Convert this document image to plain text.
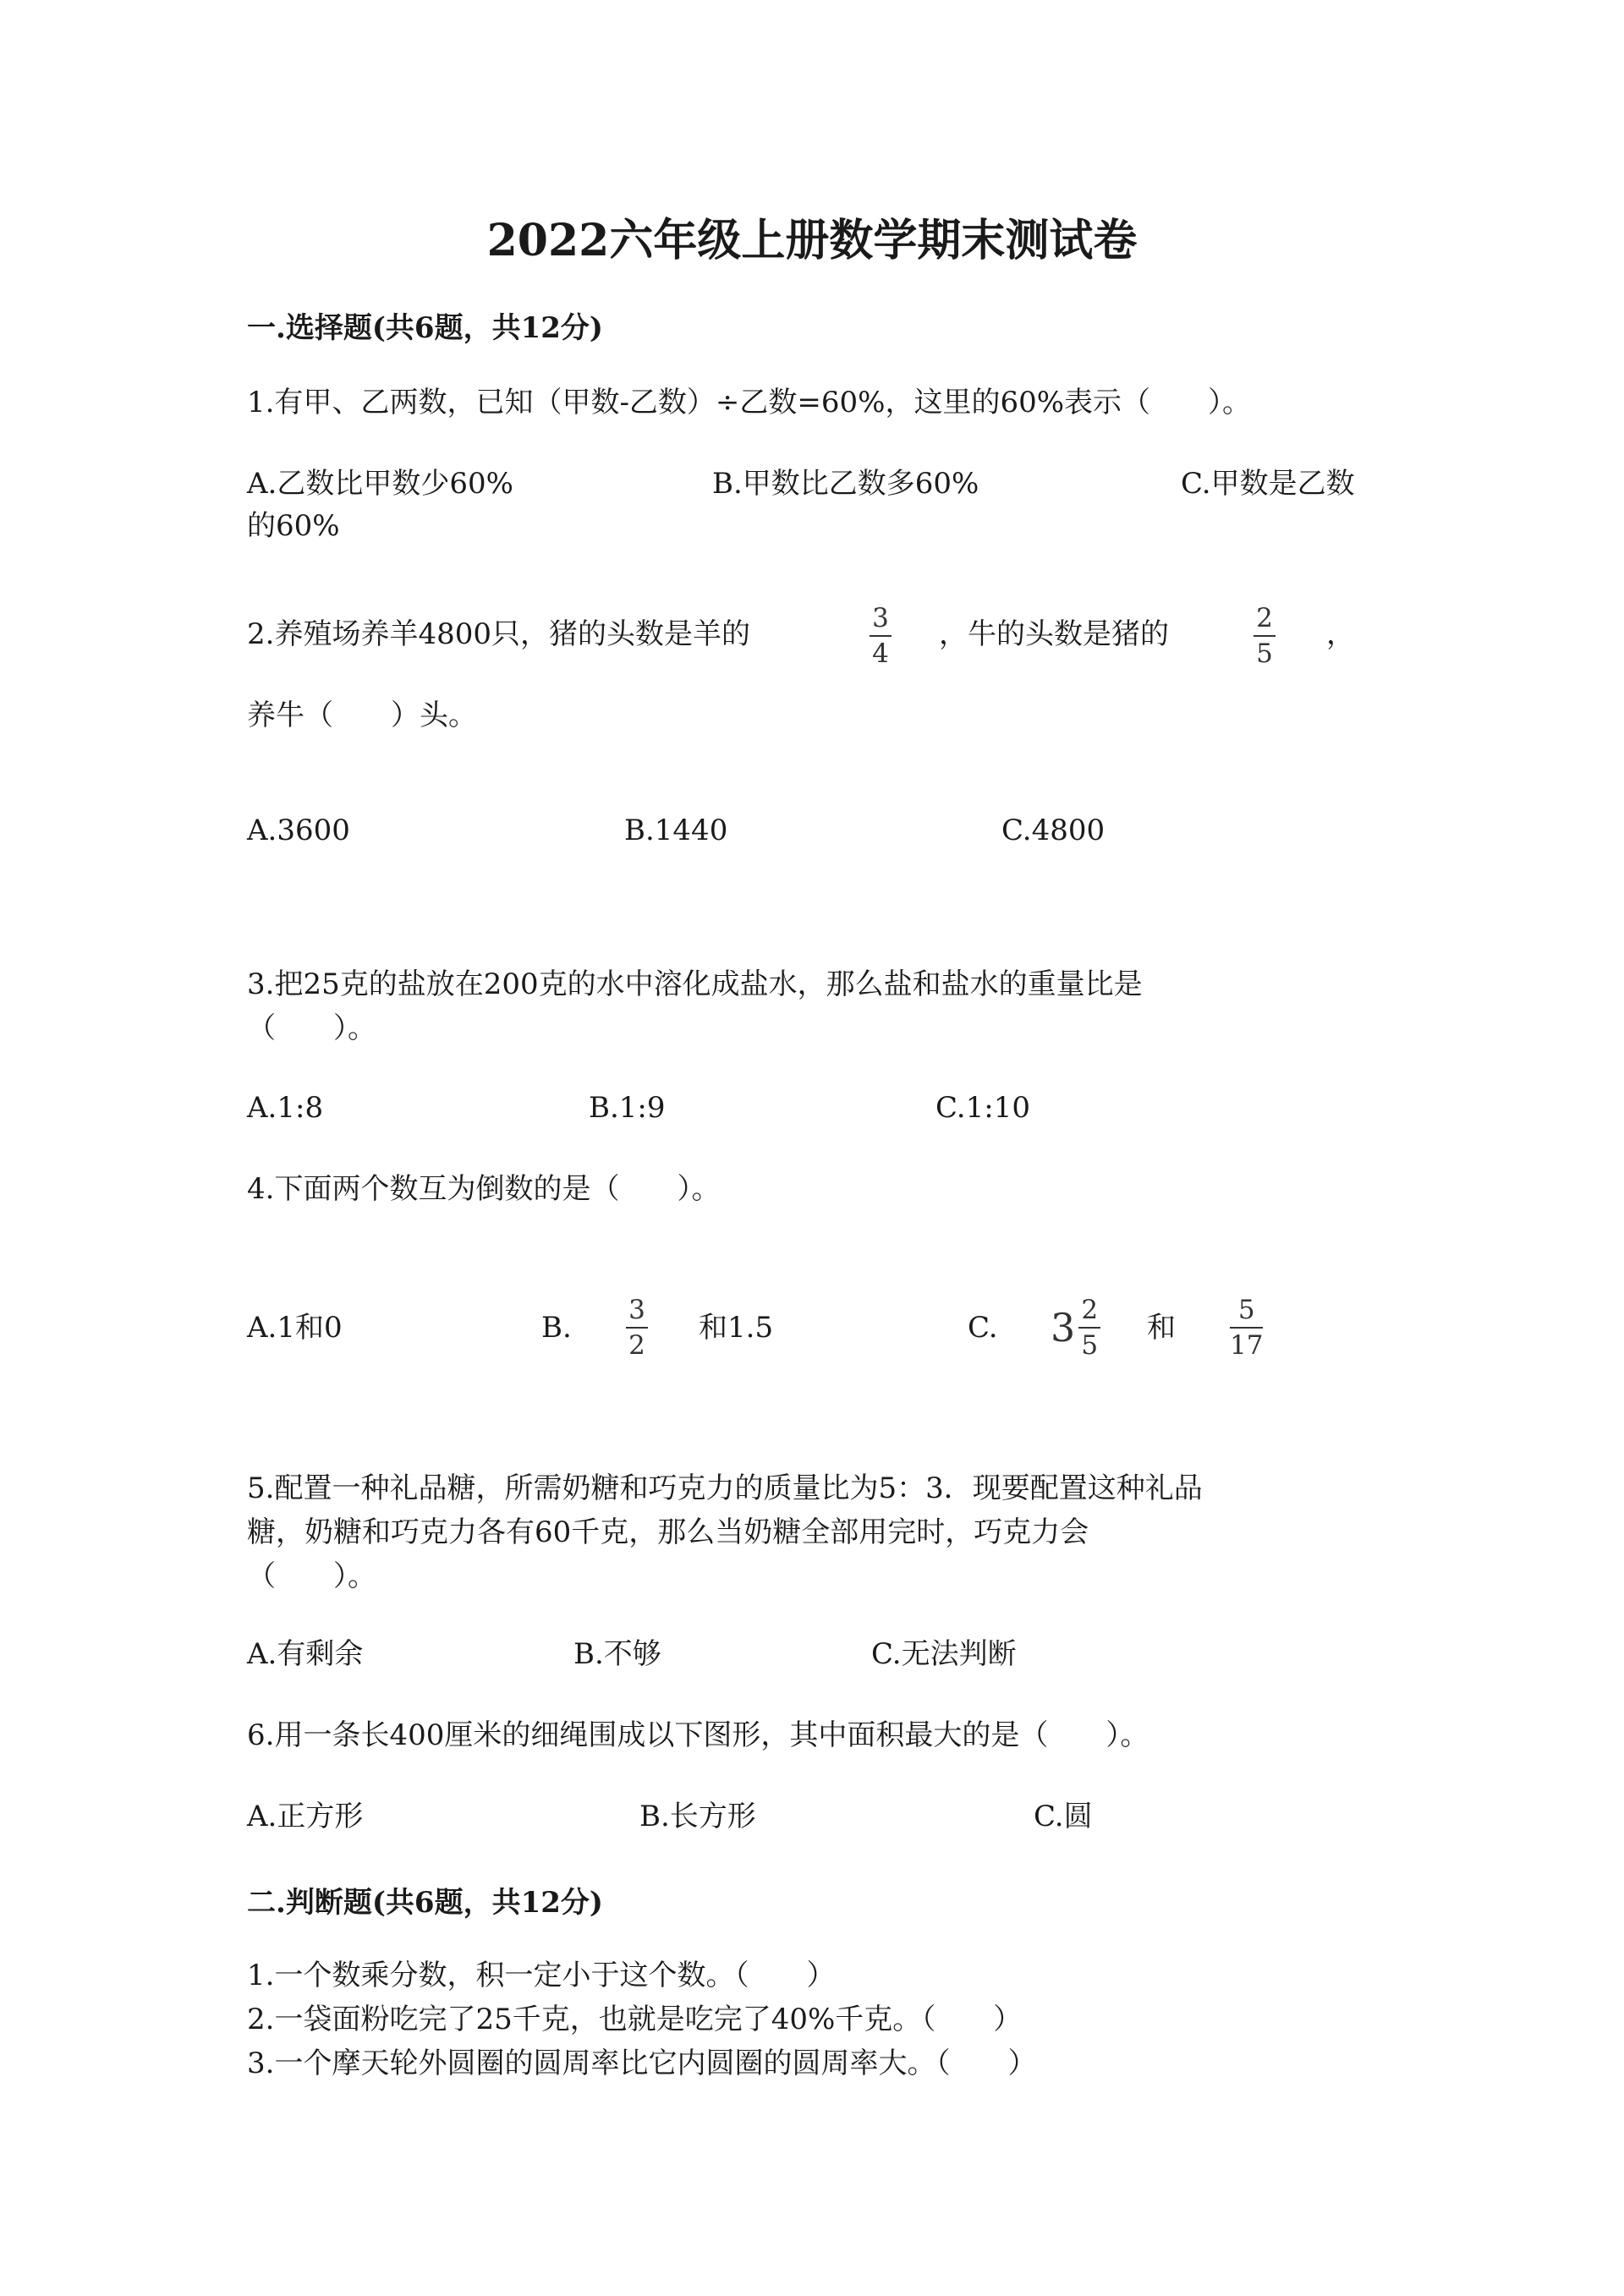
2022六年级上册数学期末测试卷
一.选择题(共6题，共12分)
1.有甲、乙两数，已知（甲数-乙数）÷乙数=60%，这里的60%表示（　　）。
A.乙数比甲数少60%	B.甲数比乙数多60%	C.甲数是乙数
的60%
2.养殖场养羊4800只，猪的头数是羊的	3
4
，牛的头数是猪的	2
5
，
养牛（　　）头。
A.3600	B.1440	C.4800
3.把25克的盐放在200克的水中溶化成盐水，那么盐和盐水的重量比是
（　　）。
A.1:8	B.1:9	C.1:10
4.下面两个数互为倒数的是（　　）。
A.1和0	B.
3
2
和1.5	C. $3 \frac{2}{5}$ 和
5
17
5.配置一种礼品糖，所需奶糖和巧克力的质量比为5：3．现要配置这种礼品
糖，奶糖和巧克力各有60千克，那么当奶糖全部用完时，巧克力会
（　　）。
A.有剩余	B.不够	C.无法判断
6.用一条长400厘米的细绳围成以下图形，其中面积最大的是（　　）。
A.正方形	B.长方形	C.圆
二.判断题(共6题，共12分)
1.一个数乘分数，积一定小于这个数。（　　）
2.一袋面粉吃完了25千克，也就是吃完了40%千克。（　　）
3.一个摩天轮外圆圈的圆周率比它内圆圈的圆周率大。（　　）
